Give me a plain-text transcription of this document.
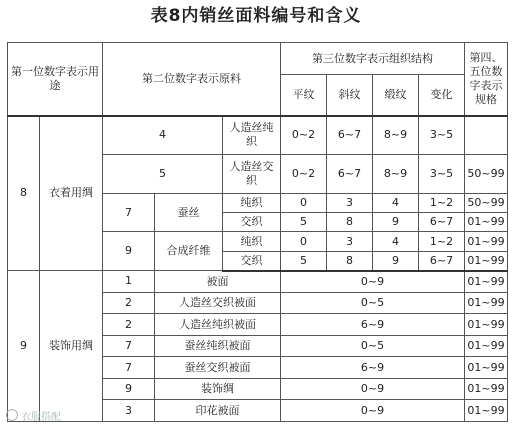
表8内销丝面料编号和含义
第一位数字表示用途		第二位数字表示原料			第三位数字表示组织结构				第四、五位数字表示规格
					平纹	斜纹	缎纹	变化	
8	衣着用绸	4		人造丝纯织	0~2	6~7	8~9	3~5	
		5		人造丝交织	0~2	6~7	8~9	3~5	50~99
		7	蚕丝	纯织	0	3	4	1~2	50~99
				交织	5	8	9	6~7	01~99
		9	合成纤维	纯织	0	3	4	1~2	01~99
				交织	5	8	9	6~7	01~99
9	装饰用绸	1	被面		0~9				01~99
		2	人造丝交织被面		0~5				01~99
		2	人造丝纯织被面		6~9				01~99
		7	蚕丝纯织被面		0~5				01~99
		7	蚕丝交织被面		6~9				01~99
		9	装饰绸		0~9				01~99
		3	印花被面		0~9				01~99
衣服搭配
